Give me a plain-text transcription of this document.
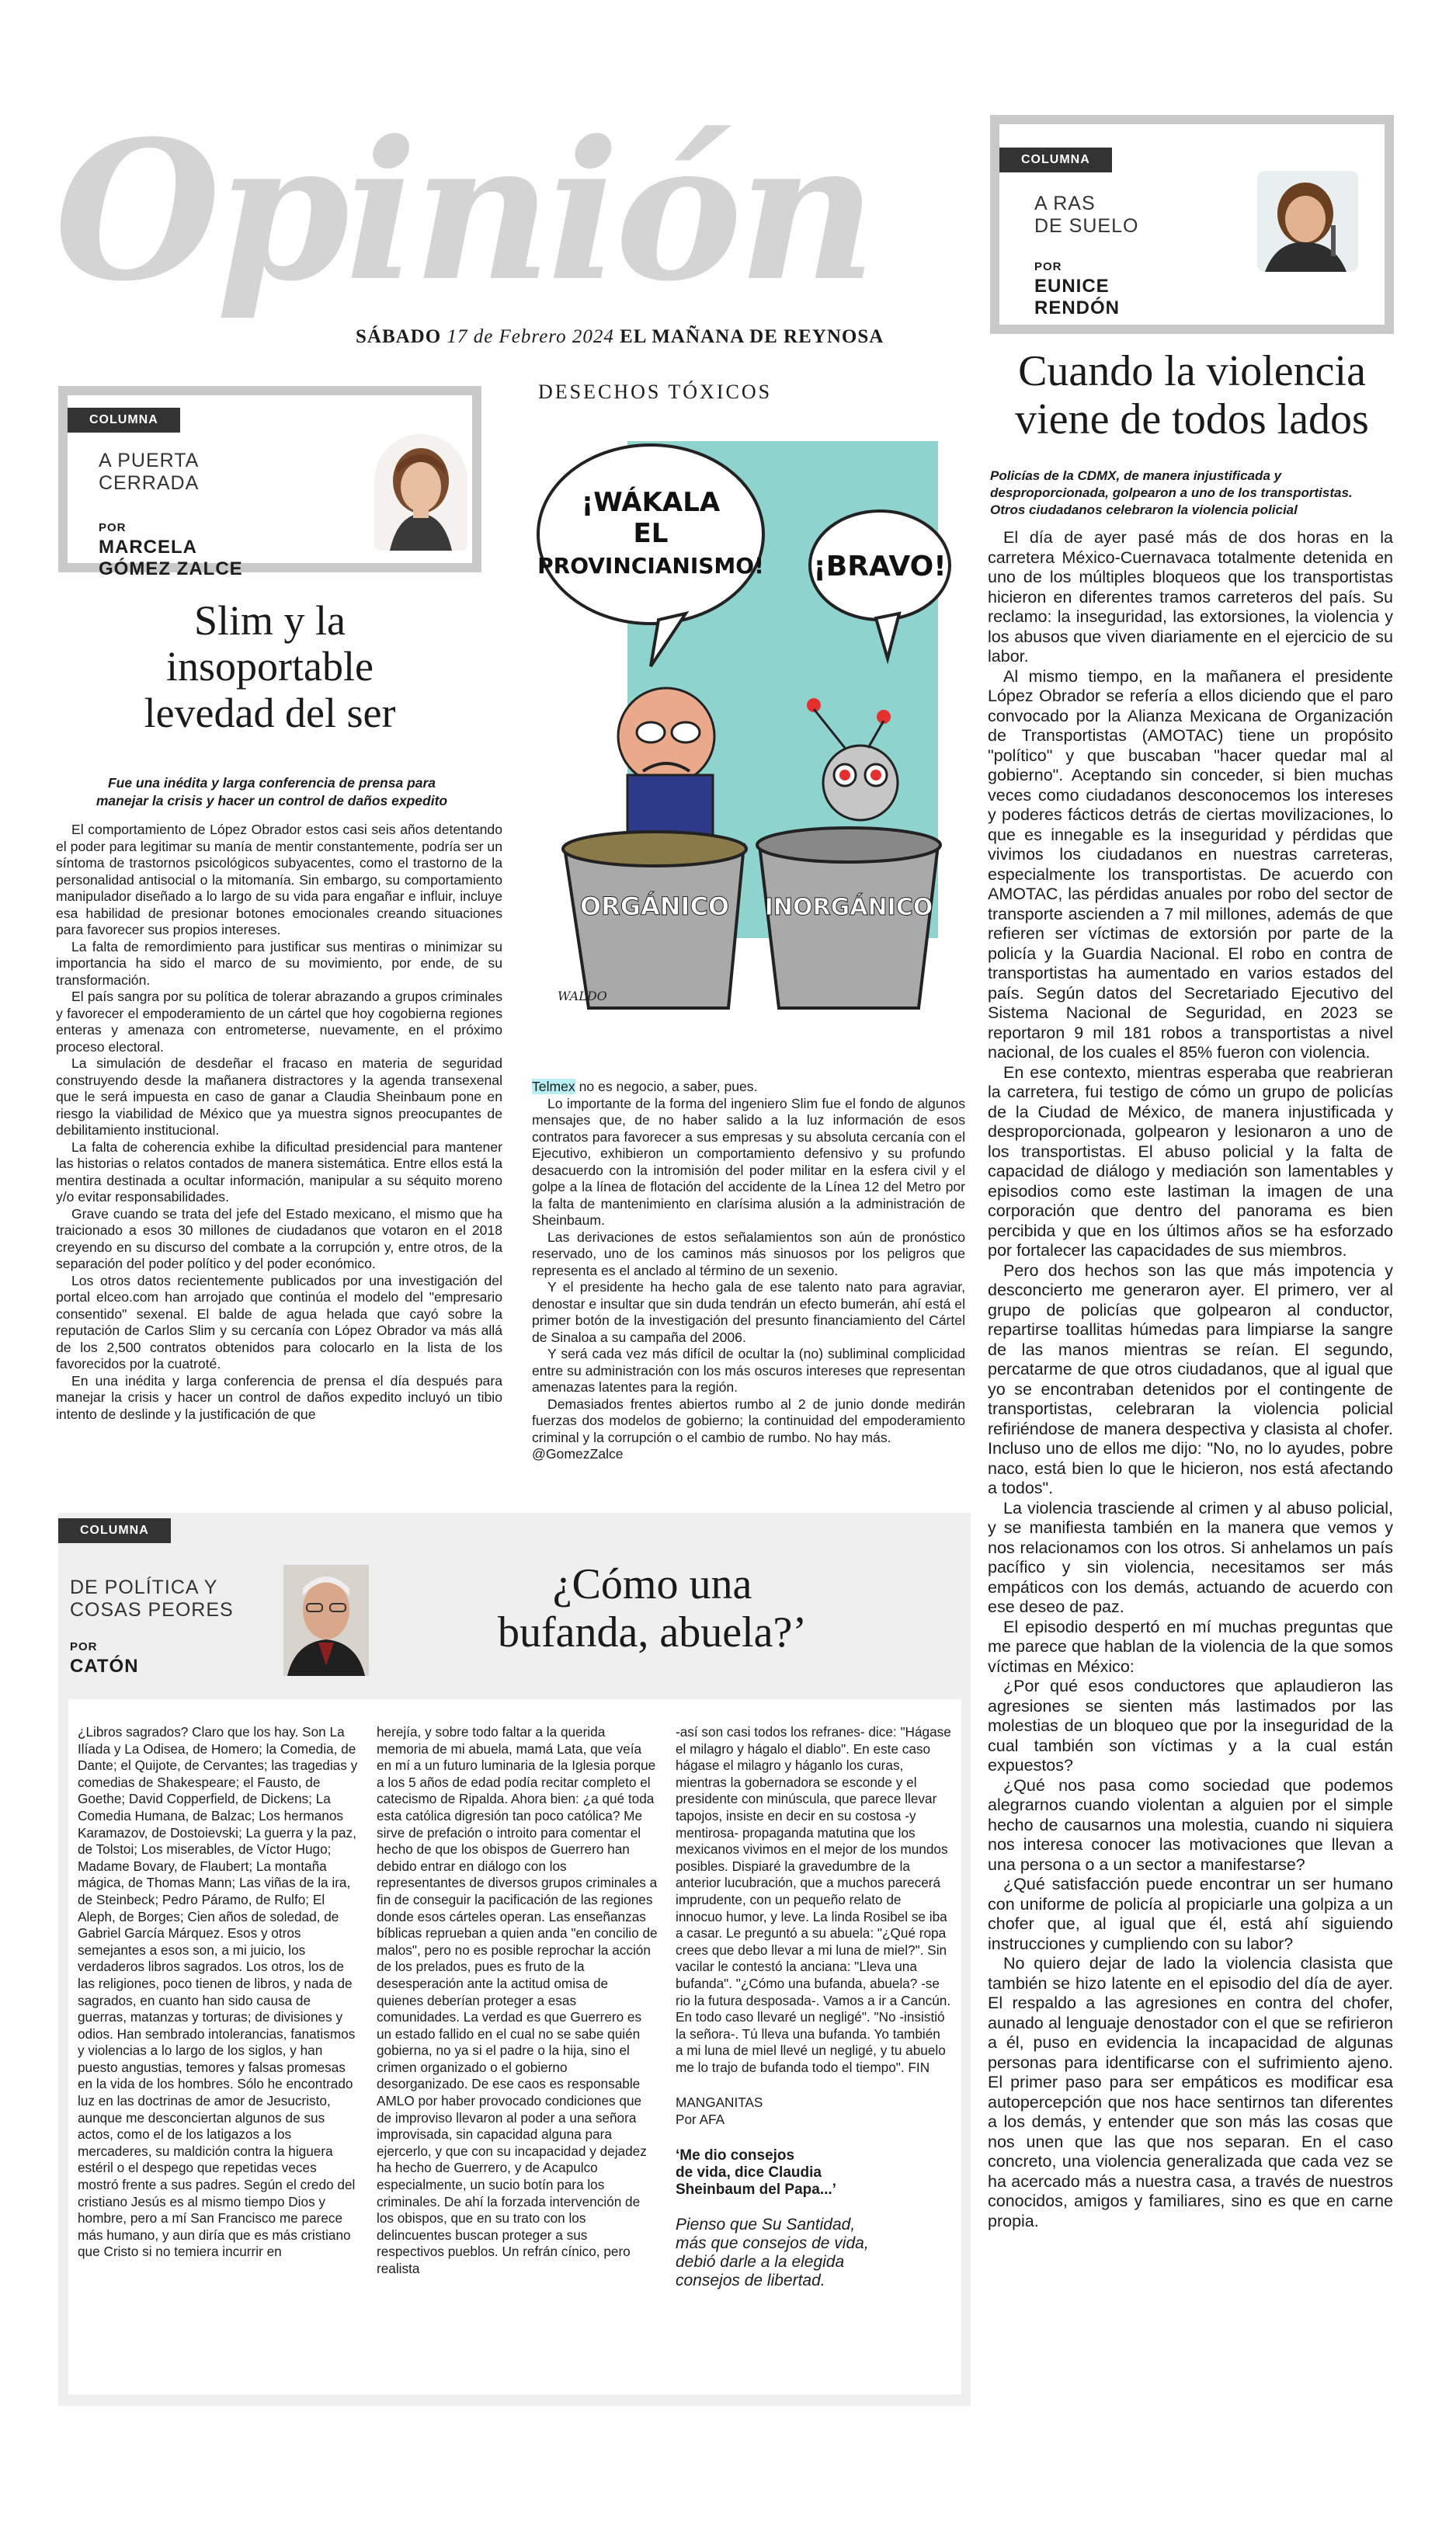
Opinión
SÁBADO 17 de Febrero 2024 EL MAÑANA DE REYNOSA
COLUMNA
A PUERTA
CERRADA
POR
MARCELA
GÓMEZ ZALCE
Slim y la
insoportable
levedad del ser
Fue una inédita y larga conferencia de prensa para
manejar la crisis y hacer un control de daños expedito

El comportamiento de López Obrador estos casi seis años detentando el poder para legitimar su manía de mentir constantemente, podría ser un síntoma de trastornos psicológicos subyacentes, como el trastorno de la personalidad antisocial o la mitomanía. Sin embargo, su comportamiento manipulador diseñado a lo largo de su vida para engañar e influir, incluye esa habilidad de presionar botones emocionales creando situaciones para favorecer sus propios intereses.

La falta de remordimiento para justificar sus mentiras o minimizar su importancia ha sido el marco de su movimiento, por ende, de su transformación.

El país sangra por su política de tolerar abrazando a grupos criminales y favorecer el empoderamiento de un cártel que hoy cogobierna regiones enteras y amenaza con entrometerse, nuevamente, en el próximo proceso electoral.

La simulación de desdeñar el fracaso en materia de seguridad construyendo desde la mañanera distractores y la agenda transexenal que le será impuesta en caso de ganar a Claudia Sheinbaum pone en riesgo la viabilidad de México que ya muestra signos preocupantes de debilitamiento institucional.

La falta de coherencia exhibe la dificultad presidencial para mantener las historias o relatos contados de manera sistemática. Entre ellos está la mentira destinada a ocultar información, manipular a su séquito moreno y/o evitar responsabilidades.

Grave cuando se trata del jefe del Estado mexicano, el mismo que ha traicionado a esos 30 millones de ciudadanos que votaron en el 2018 creyendo en su discurso del combate a la corrupción y, entre otros, de la separación del poder político y del poder económico.

Los otros datos recientemente publicados por una investigación del portal elceo.com han arrojado que continúa el modelo del "empresario consentido" sexenal. El balde de agua helada que cayó sobre la reputación de Carlos Slim y su cercanía con López Obrador va más allá de los 2,500 contratos obtenidos para colocarlo en la lista de los favorecidos por la cuatroté.

En una inédita y larga conferencia de prensa el día después para manejar la crisis y hacer un control de daños expedito incluyó un tibio intento de deslinde y la justificación de que

DESECHOS TÓXICOS
¡WÁKALA
EL
PROVINCIANISMO! ¡BRAVO!
ORGÁNICO INORGÁNICO
WALDO

Telmex no es negocio, a saber, pues.

Lo importante de la forma del ingeniero Slim fue el fondo de algunos mensajes que, de no haber salido a la luz información de esos contratos para favorecer a sus empresas y su absoluta cercanía con el Ejecutivo, exhibieron un comportamiento defensivo y su profundo desacuerdo con la intromisión del poder militar en la esfera civil y el golpe a la línea de flotación del accidente de la Línea 12 del Metro por la falta de mantenimiento en clarísima alusión a la administración de Sheinbaum.

Las derivaciones de estos señalamientos son aún de pronóstico reservado, uno de los caminos más sinuosos por los peligros que representa es el anclado al término de un sexenio.

Y el presidente ha hecho gala de ese talento nato para agraviar, denostar e insultar que sin duda tendrán un efecto bumerán, ahí está el primer botón de la investigación del presunto financiamiento del Cártel de Sinaloa a su campaña del 2006.

Y será cada vez más difícil de ocultar la (no) subliminal complicidad entre su administración con los más oscuros intereses que representan amenazas latentes para la región.

Demasiados frentes abiertos rumbo al 2 de junio donde medirán fuerzas dos modelos de gobierno; la continuidad del empoderamiento criminal y la corrupción o el cambio de rumbo. No hay más.

@GomezZalce

COLUMNA
A RAS
DE SUELO
POR
EUNICE
RENDÓN
Cuando la violencia
viene de todos lados
Policías de la CDMX, de manera injustificada y desproporcionada, golpearon a uno de los transportistas. Otros ciudadanos celebraron la violencia policial

El día de ayer pasé más de dos horas en la carretera México-Cuernavaca totalmente detenida en uno de los múltiples bloqueos que los transportistas hicieron en diferentes tramos carreteros del país. Su reclamo: la inseguridad, las extorsiones, la violencia y los abusos que viven diariamente en el ejercicio de su labor.

Al mismo tiempo, en la mañanera el presidente López Obrador se refería a ellos diciendo que el paro convocado por la Alianza Mexicana de Organización de Transportistas (AMOTAC) tiene un propósito "político" y que buscaban "hacer quedar mal al gobierno". Aceptando sin conceder, si bien muchas veces como ciudadanos desconocemos los intereses y poderes fácticos detrás de ciertas movilizaciones, lo que es innegable es la inseguridad y pérdidas que vivimos los ciudadanos en nuestras carreteras, especialmente los transportistas. De acuerdo con AMOTAC, las pérdidas anuales por robo del sector de transporte ascienden a 7 mil millones, además de que refieren ser víctimas de extorsión por parte de la policía y la Guardia Nacional. El robo en contra de transportistas ha aumentado en varios estados del país. Según datos del Secretariado Ejecutivo del Sistema Nacional de Seguridad, en 2023 se reportaron 9 mil 181 robos a transportistas a nivel nacional, de los cuales el 85% fueron con violencia.

En ese contexto, mientras esperaba que reabrieran la carretera, fui testigo de cómo un grupo de policías de la Ciudad de México, de manera injustificada y desproporcionada, golpearon y lesionaron a uno de los transportistas. El abuso policial y la falta de capacidad de diálogo y mediación son lamentables y episodios como este lastiman la imagen de una corporación que dentro del panorama es bien percibida y que en los últimos años se ha esforzado por fortalecer las capacidades de sus miembros.

Pero dos hechos son las que más impotencia y desconcierto me generaron ayer. El primero, ver al grupo de policías que golpearon al conductor, repartirse toallitas húmedas para limpiarse la sangre de las manos mientras se reían. El segundo, percatarme de que otros ciudadanos, que al igual que yo se encontraban detenidos por el contingente de transportistas, celebraran la violencia policial refiriéndose de manera despectiva y clasista al chofer. Incluso uno de ellos me dijo: "No, no lo ayudes, pobre naco, está bien lo que le hicieron, nos está afectando a todos".

La violencia trasciende al crimen y al abuso policial, y se manifiesta también en la manera que vemos y nos relacionamos con los otros. Si anhelamos un país pacífico y sin violencia, necesitamos ser más empáticos con los demás, actuando de acuerdo con ese deseo de paz.

El episodio despertó en mí muchas preguntas que me parece que hablan de la violencia de la que somos víctimas en México:

¿Por qué esos conductores que aplaudieron las agresiones se sienten más lastimados por las molestias de un bloqueo que por la inseguridad de la cual también son víctimas y a la cual están expuestos?

¿Qué nos pasa como sociedad que podemos alegrarnos cuando violentan a alguien por el simple hecho de causarnos una molestia, cuando ni siquiera nos interesa conocer las motivaciones que llevan a una persona o a un sector a manifestarse?

¿Qué satisfacción puede encontrar un ser humano con uniforme de policía al propiciarle una golpiza a un chofer que, al igual que él, está ahí siguiendo instrucciones y cumpliendo con su labor?

No quiero dejar de lado la violencia clasista que también se hizo latente en el episodio del día de ayer. El respaldo a las agresiones en contra del chofer, aunado al lenguaje denostador con el que se refirieron a él, puso en evidencia la incapacidad de algunas personas para identificarse con el sufrimiento ajeno. El primer paso para ser empáticos es modificar esa autopercepción que nos hace sentirnos tan diferentes a los demás, y entender que son más las cosas que nos unen que las que nos separan. En el caso concreto, una violencia generalizada que cada vez se ha acercado más a nuestra casa, a través de nuestros conocidos, amigos y familiares, sino es que en carne propia.

COLUMNA
DE POLÍTICA Y
COSAS PEORES
POR
CATÓN
¿Cómo una
bufanda, abuela?’

¿Libros sagrados? Claro que los hay. Son La Ilíada y La Odisea, de Homero; la Comedia, de Dante; el Quijote, de Cervantes; las tragedias y comedias de Shakespeare; el Fausto, de Goethe; David Copperfield, de Dickens; La Comedia Humana, de Balzac; Los hermanos Karamazov, de Dostoievski; La guerra y la paz, de Tolstoi; Los miserables, de Víctor Hugo; Madame Bovary, de Flaubert; La montaña mágica, de Thomas Mann; Las viñas de la ira, de Steinbeck; Pedro Páramo, de Rulfo; El Aleph, de Borges; Cien años de soledad, de Gabriel García Márquez. Esos y otros semejantes a esos son, a mi juicio, los verdaderos libros sagrados. Los otros, los de las religiones, poco tienen de libros, y nada de sagrados, en cuanto han sido causa de guerras, matanzas y torturas; de divisiones y odios. Han sembrado intolerancias, fanatismos y violencias a lo largo de los siglos, y han puesto angustias, temores y falsas promesas en la vida de los hombres. Sólo he encontrado luz en las doctrinas de amor de Jesucristo, aunque me desconciertan algunos de sus actos, como el de los latigazos a los mercaderes, su maldición contra la higuera estéril o el despego que repetidas veces mostró frente a sus padres. Según el credo del cristiano Jesús es al mismo tiempo Dios y hombre, pero a mí San Francisco me parece más humano, y aun diría que es más cristiano que Cristo si no temiera incurrir en

herejía, y sobre todo faltar a la querida memoria de mi abuela, mamá Lata, que veía en mí a un futuro luminaria de la Iglesia porque a los 5 años de edad podía recitar completo el catecismo de Ripalda. Ahora bien: ¿a qué toda esta católica digresión tan poco católica? Me sirve de prefación o introito para comentar el hecho de que los obispos de Guerrero han debido entrar en diálogo con los representantes de diversos grupos criminales a fin de conseguir la pacificación de las regiones donde esos cárteles operan. Las enseñanzas bíblicas reprueban a quien anda "en concilio de malos", pero no es posible reprochar la acción de los prelados, pues es fruto de la desesperación ante la actitud omisa de quienes deberían proteger a esas comunidades. La verdad es que Guerrero es un estado fallido en el cual no se sabe quién gobierna, no ya si el padre o la hija, sino el crimen organizado o el gobierno desorganizado. De ese caos es responsable AMLO por haber provocado condiciones que de improviso llevaron al poder a una señora improvisada, sin capacidad alguna para ejercerlo, y que con su incapacidad y dejadez ha hecho de Guerrero, y de Acapulco especialmente, un sucio botín para los criminales. De ahí la forzada intervención de los obispos, que en su trato con los delincuentes buscan proteger a sus respectivos pueblos. Un refrán cínico, pero realista

-así son casi todos los refranes- dice: "Hágase el milagro y hágalo el diablo". En este caso hágase el milagro y háganlo los curas, mientras la gobernadora se esconde y el presidente con minúscula, que parece llevar tapojos, insiste en decir en su costosa -y mentirosa- propaganda matutina que los mexicanos vivimos en el mejor de los mundos posibles. Dispiaré la gravedumbre de la anterior lucubración, que a muchos parecerá imprudente, con un pequeño relato de innocuo humor, y leve. La linda Rosibel se iba a casar. Le preguntó a su abuela: "¿Qué ropa crees que debo llevar a mi luna de miel?". Sin vacilar le contestó la anciana: "Lleva una bufanda". "¿Cómo una bufanda, abuela? -se rio la futura desposada-. Vamos a ir a Cancún. En todo caso llevaré un negligé". "No -insistió la señora-. Tú lleva una bufanda. Yo también a mi luna de miel llevé un negligé, y tu abuelo me lo trajo de bufanda todo el tiempo". FIN

MANGANITAS

Por AFA

‘Me dio consejos
de vida, dice Claudia
Sheinbaum del Papa...’
Pienso que Su Santidad,
más que consejos de vida,
debió darle a la elegida
consejos de libertad.
